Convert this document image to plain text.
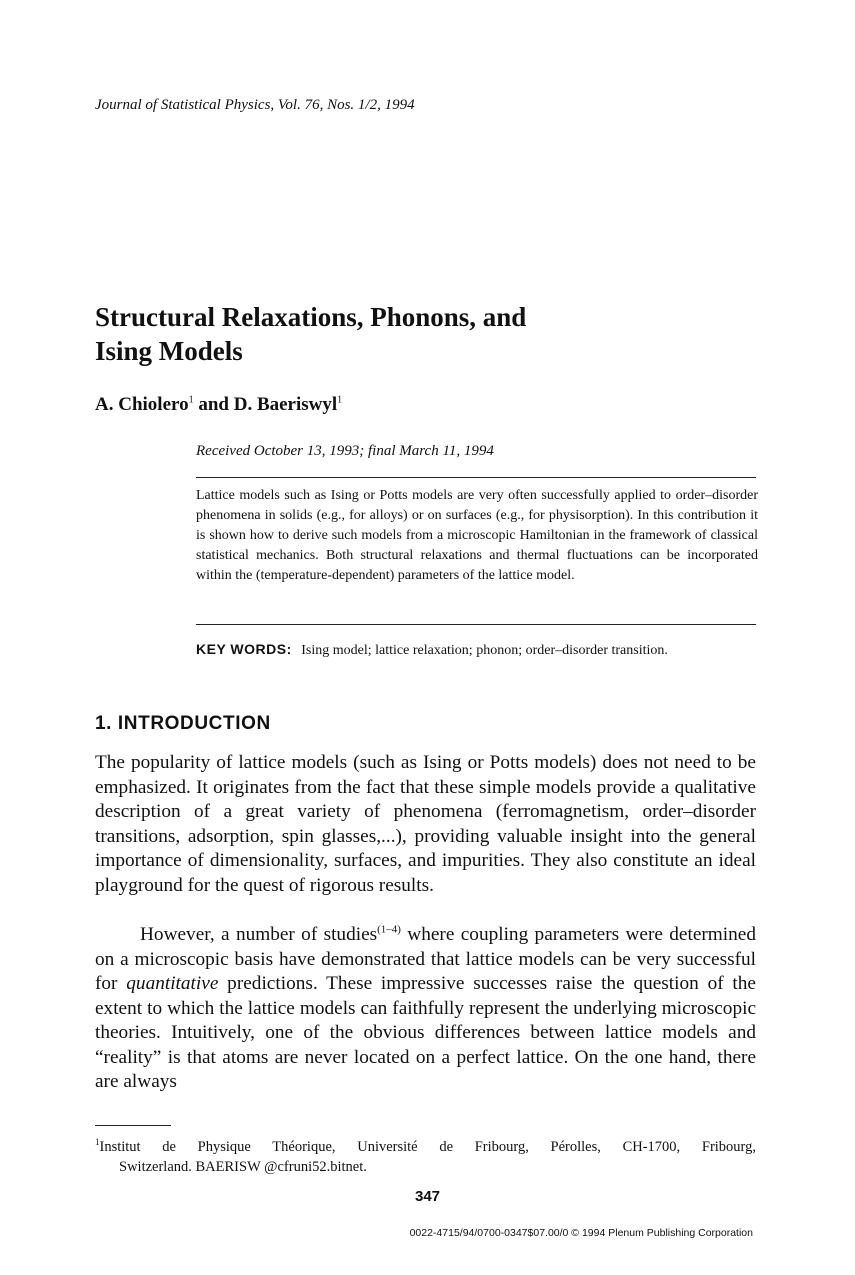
Journal of Statistical Physics, Vol. 76, Nos. 1/2, 1994
Structural Relaxations, Phonons, and
Ising Models
A. Chiolero$^1$ and D. Baeriswyl$^1$
Received October 13, 1993; final March 11, 1994

Lattice models such as Ising or Potts models are very often successfully applied to order–disorder phenomena in solids (e.g., for alloys) or on surfaces (e.g., for physisorption). In this contribution it is shown how to derive such models from a microscopic Hamiltonian in the framework of classical statistical mechanics. Both structural relaxations and thermal fluctuations can be incorporated within the (temperature-dependent) parameters of the lattice model.

KEY WORDS: Ising model; lattice relaxation; phonon; order–disorder transition.

1. INTRODUCTION

The popularity of lattice models (such as Ising or Potts models) does not need to be emphasized. It originates from the fact that these simple models provide a qualitative description of a great variety of phenomena (ferromagnetism, order–disorder transitions, adsorption, spin glasses,...), providing valuable insight into the general importance of dimensionality, surfaces, and impurities. They also constitute an ideal playground for the quest of rigorous results.

However, a number of studies$^{(1-4)}$ where coupling parameters were determined on a microscopic basis have demonstrated that lattice models can be very successful for quantitative predictions. These impressive successes raise the question of the extent to which the lattice models can faithfully represent the underlying microscopic theories. Intuitively, one of the obvious differences between lattice models and “reality” is that atoms are never located on a perfect lattice. On the one hand, there are always

$^1$Institut de Physique Théorique, Université de Fribourg, Pérolles, CH-1700, Fribourg,
Switzerland. BAERISW @cfruni52.bitnet.

347
0022-4715/94/0700-0347$07.00/0 © 1994 Plenum Publishing Corporation
